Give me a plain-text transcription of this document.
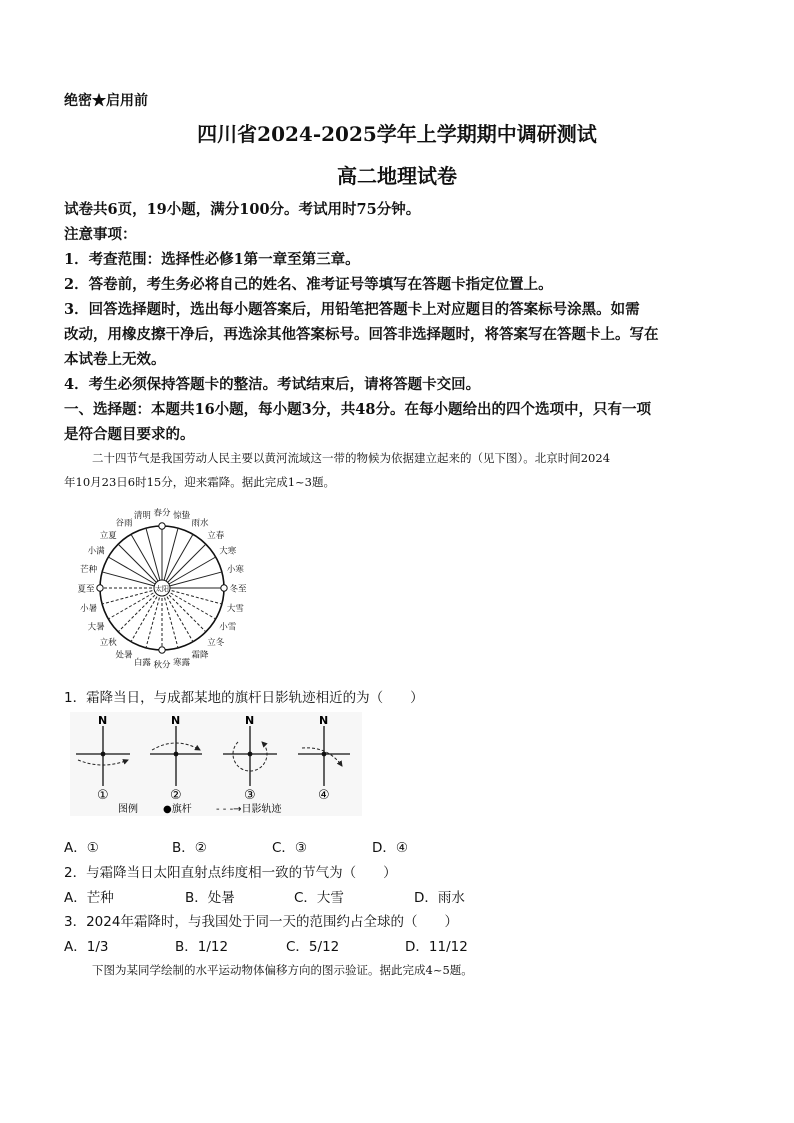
绝密★启用前
四川省2024-2025学年上学期期中调研测试
高二地理试卷
试卷共6页，19小题，满分100分。考试用时75分钟。
注意事项：
1．考查范围：选择性必修1第一章至第三章。
2．答卷前，考生务必将自己的姓名、准考证号等填写在答题卡指定位置上。
3．回答选择题时，选出每小题答案后，用铅笔把答题卡上对应题目的答案标号涂黑。如需
改动，用橡皮擦干净后，再选涂其他答案标号。回答非选择题时，将答案写在答题卡上。写在
本试卷上无效。
4．考生必须保持答题卡的整洁。考试结束后，请将答题卡交回。
一、选择题：本题共16小题，每小题3分，共48分。在每小题给出的四个选项中，只有一项
是符合题目要求的。
二十四节气是我国劳动人民主要以黄河流域这一带的物候为依据建立起来的（见下图）。北京时间2024
年10月23日6时15分，迎来霜降。据此完成1~3题。
冬至
小寒
大寒
立春
雨水
惊蛰
春分
清明
谷雨
立夏
小满
芒种
夏至
小暑
大暑
立秋
处暑
白露 秋分 寒露
霜降
立冬
小雪
大雪
太阳
1．霜降当日，与成都某地的旗杆日影轨迹相近的为（　　）
N	N	N	N
①	②	③	④
图例	●旗杆 - - -→日影轨迹
A．①	B．②	C．③	D．④
2．与霜降当日太阳直射点纬度相一致的节气为（　　）
A．芒种	B．处暑	C．大雪	D．雨水
3．2024年霜降时，与我国处于同一天的范围约占全球的（　　）
A．1/3	B．1/12	C．5/12	D．11/12
下图为某同学绘制的水平运动物体偏移方向的图示验证。据此完成4~5题。
